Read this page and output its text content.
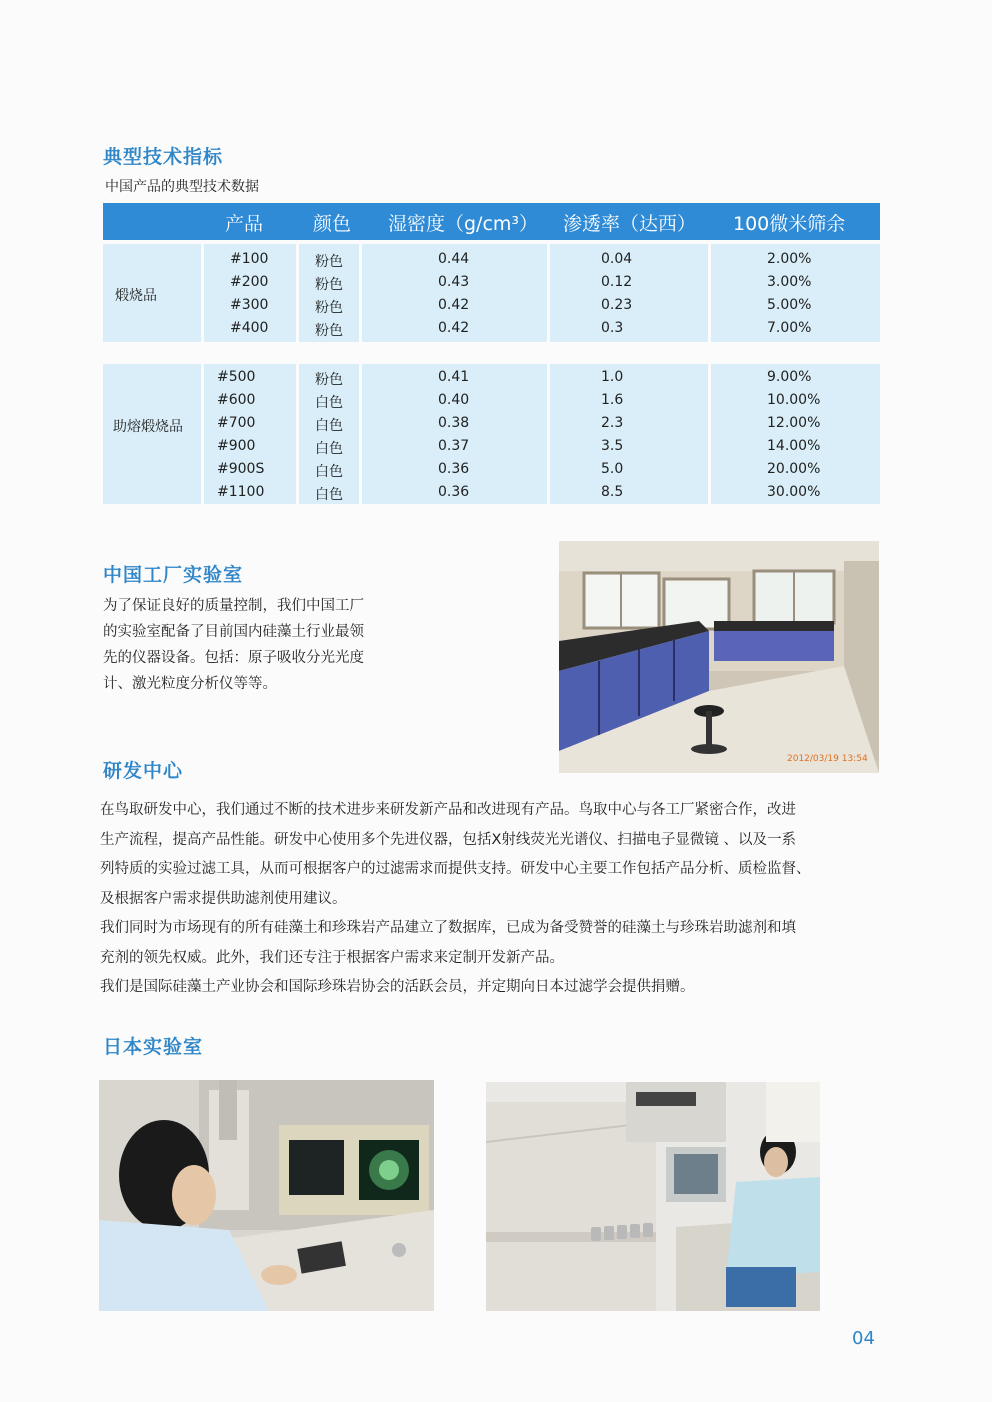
典型技术指标
中国产品的典型技术数据
产品	颜色 湿密度（g/cm³） 渗透率（达西） 100微米筛余
煅烧品
#100	粉色	0.44	0.04	2.00%
#200	粉色	0.43	0.12	3.00%
#300	粉色	0.42	0.23	5.00%
#400	粉色	0.42	0.3	7.00%
助熔煅烧品
#500	粉色	0.41	1.0	9.00%
#600	白色	0.40	1.6	10.00%
#700	白色	0.38	2.3	12.00%
#900	白色	0.37	3.5	14.00%
#900S	白色	0.36	5.0	20.00%
#1100	白色	0.36	8.5	30.00%
中国工厂实验室
为了保证良好的质量控制，我们中国工厂
的实验室配备了目前国内硅藻土行业最领
先的仪器设备。包括：原子吸收分光光度
计、激光粒度分析仪等等。
2012/03/19 13:54
研发中心
在鸟取研发中心，我们通过不断的技术进步来研发新产品和改进现有产品。鸟取中心与各工厂紧密合作，改进
生产流程，提高产品性能。研发中心使用多个先进仪器，包括X射线荧光光谱仪、扫描电子显微镜 、以及一系
列特质的实验过滤工具，从而可根据客户的过滤需求而提供支持。研发中心主要工作包括产品分析、质检监督、
及根据客户需求提供助滤剂使用建议。
我们同时为市场现有的所有硅藻土和珍珠岩产品建立了数据库，已成为备受赞誉的硅藻土与珍珠岩助滤剂和填
充剂的领先权威。此外，我们还专注于根据客户需求来定制开发新产品。
我们是国际硅藻土产业协会和国际珍珠岩协会的活跃会员，并定期向日本过滤学会提供捐赠。
日本实验室
04
